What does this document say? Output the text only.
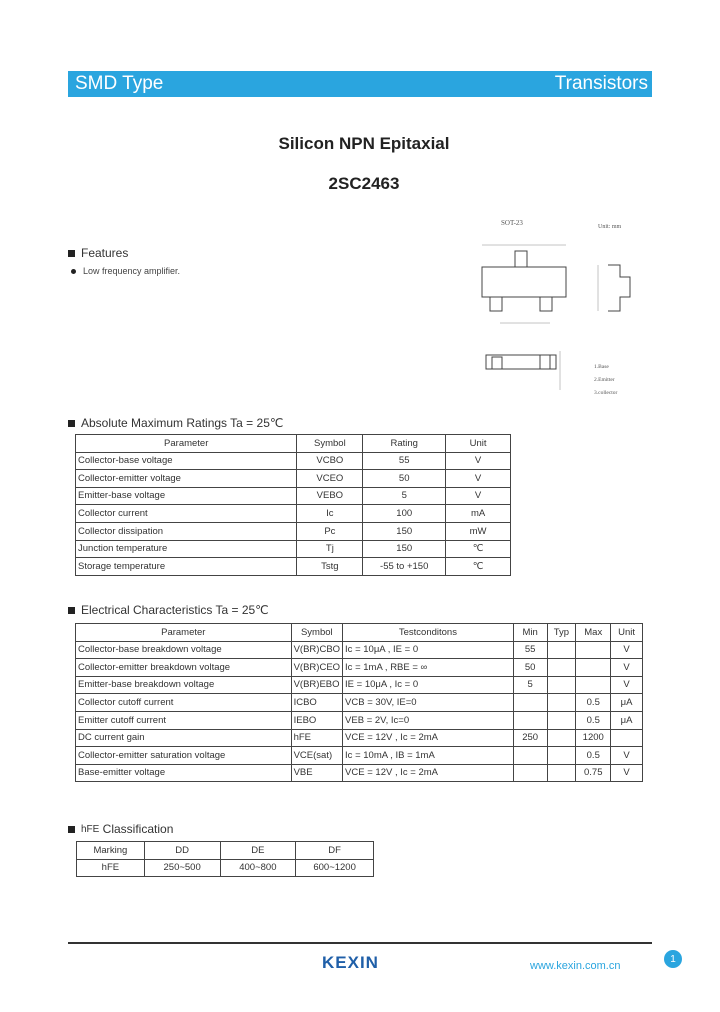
SMD Type	Transistors
Silicon NPN Epitaxial
2SC2463
Features
Low frequency amplifier.
SOT-23	Unit: mm
1.Base
2.Emitter
3.collector
Absolute Maximum Ratings Ta = 25℃
Parameter	Symbol	Rating	Unit
Collector-base voltage	VCBO	55	V
Collector-emitter voltage	VCEO	50	V
Emitter-base voltage	VEBO	5	V
Collector current	Ic	100	mA
Collector dissipation	Pc	150	mW
Junction temperature	Tj	150	℃
Storage temperature	Tstg	-55 to +150	℃
Electrical Characteristics Ta = 25℃
Parameter	Symbol	Testconditons	Min	Typ	Max	Unit
Collector-base breakdown voltage	V(BR)CBO	Ic = 10μA , IE = 0	55			V
Collector-emitter breakdown voltage	V(BR)CEO	Ic = 1mA , RBE = ∞	50			V
Emitter-base breakdown voltage	V(BR)EBO	IE = 10μA , Ic = 0	5			V
Collector cutoff current	ICBO	VCB = 30V, IE=0			0.5	μA
Emitter cutoff current	IEBO	VEB = 2V, Ic=0			0.5	μA
DC current gain	hFE	VCE = 12V , Ic = 2mA	250		1200	
Collector-emitter saturation voltage	VCE(sat)	Ic = 10mA , IB = 1mA			0.5	V
Base-emitter voltage	VBE	VCE = 12V , Ic = 2mA			0.75	V
hFE Classification
Marking	DD	DE	DF
hFE	250~500	400~800	600~1200
KEXIN	www.kexin.com.cn
1
